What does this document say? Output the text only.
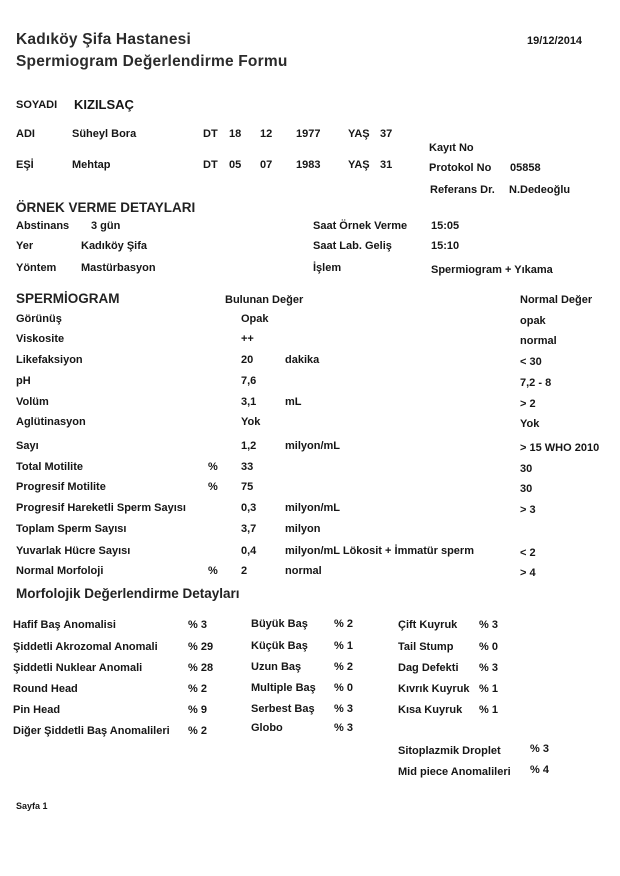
Kadıköy Şifa Hastanesi
Spermiogram Değerlendirme Formu
19/12/2014
SOYADI KIZILSAÇ
ADI	Süheyl Bora	DT 18 12 1977	YAŞ 37
Kayıt No
EŞİ	Mehtap	DT 05 07 1983	YAŞ 31	Protokol No 05858
Referans Dr. N.Dedeoğlu
ÖRNEK VERME DETAYLARI
Abstinans 3 gün
Yer	Kadıköy Şifa
Yöntem Mastürbasyon
Saat Örnek Verme 15:05
Saat Lab. Geliş	15:10
İşlem	Spermiogram + Yıkama
SPERMİOGRAM	Bulunan Değer	Normal Değer
Görünüş	Opak	opak
Viskosite	++	normal
Likefaksiyon	20	dakika	< 30
pH	7,6	7,2 - 8
Volüm	3,1	mL	> 2
Aglütinasyon	Yok	Yok
Sayı	1,2	milyon/mL	> 15 WHO 2010
Total Motilite	% 33	30
Progresif Motilite	% 75	30
Progresif Hareketli Sperm Sayısı	0,3	milyon/mL	> 3
Toplam Sperm Sayısı	3,7	milyon
Yuvarlak Hücre Sayısı	0,4	milyon/mL Lökosit + İmmatür sperm	< 2
Normal Morfoloji	% 2	normal	> 4
Morfolojik Değerlendirme Detayları
Hafif Baş Anomalisi	% 3
Şiddetli Akrozomal Anomali	% 29
Şiddetli Nuklear Anomali	% 28
Round Head	% 2
Pin Head	% 9
Diğer Şiddetli Baş Anomalileri % 2
Büyük Baş % 2
Küçük Baş % 1
Uzun Baş	% 2
Multiple Baş % 0
Serbest Baş % 3
Globo	% 3
Çift Kuyruk % 3
Tail Stump % 0
Dag Defekti % 3
Kıvrık Kuyruk % 1
Kısa Kuyruk % 1
Sitoplazmik Droplet	% 3
Mid piece Anomalileri % 4
Sayfa 1
